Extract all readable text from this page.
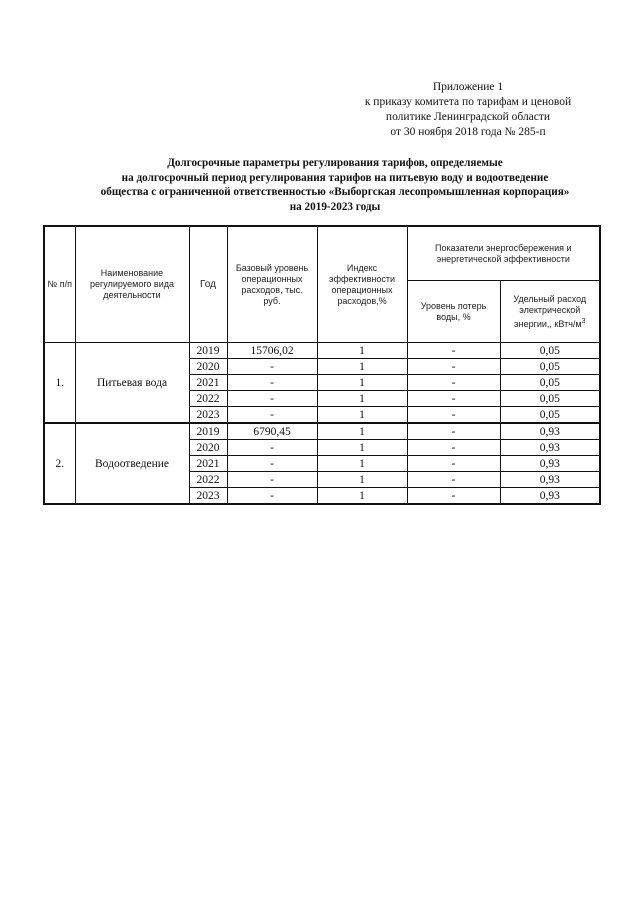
Приложение 1
к приказу комитета по тарифам и ценовой
политике Ленинградской области
от 30 ноября 2018 года № 285-п
Долгосрочные параметры регулирования тарифов, определяемые
на долгосрочный период регулирования тарифов на питьевую воду и водоотведение
общества с ограниченной ответственностью «Выборгская лесопромышленная корпорация»
на 2019-2023 годы
№ п/п	Наименование регулируемого вида деятельности	Год	Базовый уровень операционных расходов, тыс. руб.	Индекс эффективности операционных расходов,%	Показатели энергосбережения и энергетической эффективности	
					Уровень потерь воды, %	Удельный расход электрической энергии,, кВтч/$м^3$
1.	Питьевая вода	2019	15706,02	1	-	0,05
		2020	-	1	-	0,05
		2021	-	1	-	0,05
		2022	-	1	-	0,05
		2023	-	1	-	0,05
2.	Водоотведение	2019	6790,45	1	-	0,93
		2020	-	1	-	0,93
		2021	-	1	-	0,93
		2022	-	1	-	0,93
		2023	-	1	-	0,93
